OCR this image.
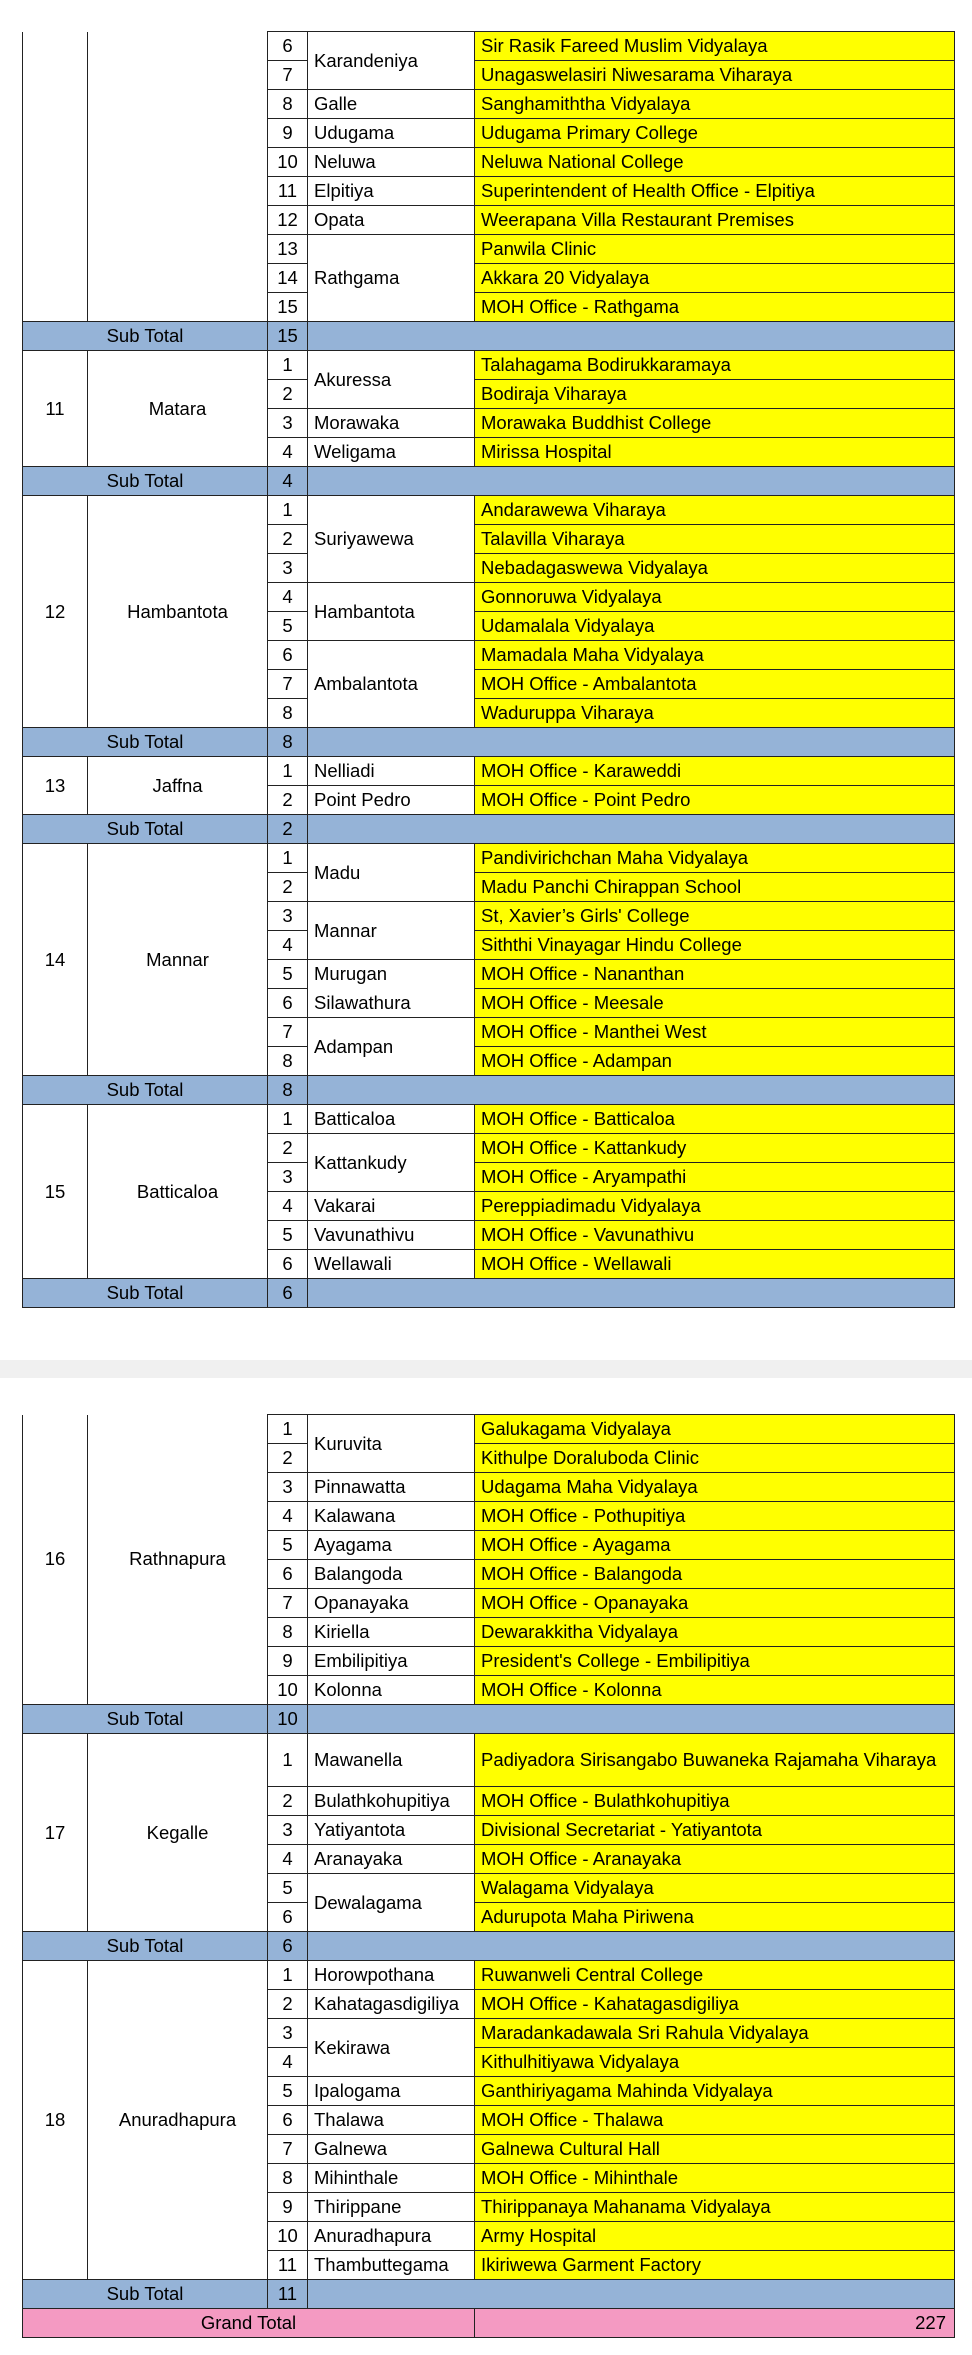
		6	Karandeniya	Sir Rasik Fareed Muslim Vidyalaya
		7		Unagaswelasiri Niwesarama Viharaya
		8	Galle	Sanghamiththa Vidyalaya
		9	Udugama	Udugama Primary College
		10	Neluwa	Neluwa National College
		11	Elpitiya	Superintendent of Health Office - Elpitiya
		12	Opata	Weerapana Villa Restaurant Premises
		13	Rathgama	Panwila Clinic
		14		Akkara 20 Vidyalaya
		15		MOH Office - Rathgama
Sub Total		15		
11	Matara	1	Akuressa	Talahagama Bodirukkaramaya
		2		Bodiraja Viharaya
		3	Morawaka	Morawaka Buddhist College
		4	Weligama	Mirissa Hospital
Sub Total		4		
12	Hambantota	1	Suriyawewa	Andarawewa Viharaya
		2		Talavilla Viharaya
		3		Nebadagaswewa Vidyalaya
		4	Hambantota	Gonnoruwa Vidyalaya
		5		Udamalala Vidyalaya
		6	Ambalantota	Mamadala Maha Vidyalaya
		7		MOH Office - Ambalantota
		8		Waduruppa Viharaya
Sub Total		8		
13	Jaffna	1	Nelliadi	MOH Office - Karaweddi
		2	Point Pedro	MOH Office - Point Pedro
Sub Total		2		
14	Mannar	1	Madu	Pandivirichchan Maha Vidyalaya
		2		Madu Panchi Chirappan School
		3	Mannar	St, Xavier’s Girls' College
		4		Siththi Vinayagar Hindu College
		5	Murugan	MOH Office - Nananthan
		6	Silawathura	MOH Office - Meesale
		7	Adampan	MOH Office - Manthei West
		8		MOH Office - Adampan
Sub Total		8		
15	Batticaloa	1	Batticaloa	MOH Office - Batticaloa
		2	Kattankudy	MOH Office - Kattankudy
		3		MOH Office - Aryampathi
		4	Vakarai	Pereppiadimadu Vidyalaya
		5	Vavunathivu	MOH Office - Vavunathivu
		6	Wellawali	MOH Office - Wellawali
Sub Total		6		
16	Rathnapura	1	Kuruvita	Galukagama Vidyalaya
		2		Kithulpe Doraluboda Clinic
		3	Pinnawatta	Udagama Maha Vidyalaya
		4	Kalawana	MOH Office - Pothupitiya
		5	Ayagama	MOH Office - Ayagama
		6	Balangoda	MOH Office - Balangoda
		7	Opanayaka	MOH Office - Opanayaka
		8	Kiriella	Dewarakkitha Vidyalaya
		9	Embilipitiya	President's College - Embilipitiya
		10	Kolonna	MOH Office - Kolonna
Sub Total		10		
17	Kegalle	1	Mawanella	Padiyadora Sirisangabo Buwaneka Rajamaha Viharaya
		2	Bulathkohupitiya	MOH Office - Bulathkohupitiya
		3	Yatiyantota	Divisional Secretariat - Yatiyantota
		4	Aranayaka	MOH Office - Aranayaka
		5	Dewalagama	Walagama Vidyalaya
		6		Adurupota Maha Piriwena
Sub Total		6		
18	Anuradhapura	1	Horowpothana	Ruwanweli Central College
		2	Kahatagasdigiliya	MOH Office - Kahatagasdigiliya
		3	Kekirawa	Maradankadawala Sri Rahula Vidyalaya
		4		Kithulhitiyawa Vidyalaya
		5	Ipalogama	Ganthiriyagama Mahinda Vidyalaya
		6	Thalawa	MOH Office - Thalawa
		7	Galnewa	Galnewa Cultural Hall
		8	Mihinthale	MOH Office - Mihinthale
		9	Thirippane	Thirippanaya Mahanama Vidyalaya
		10	Anuradhapura	Army Hospital
		11	Thambuttegama	Ikiriwewa Garment Factory
Sub Total		11		
Grand Total				227
